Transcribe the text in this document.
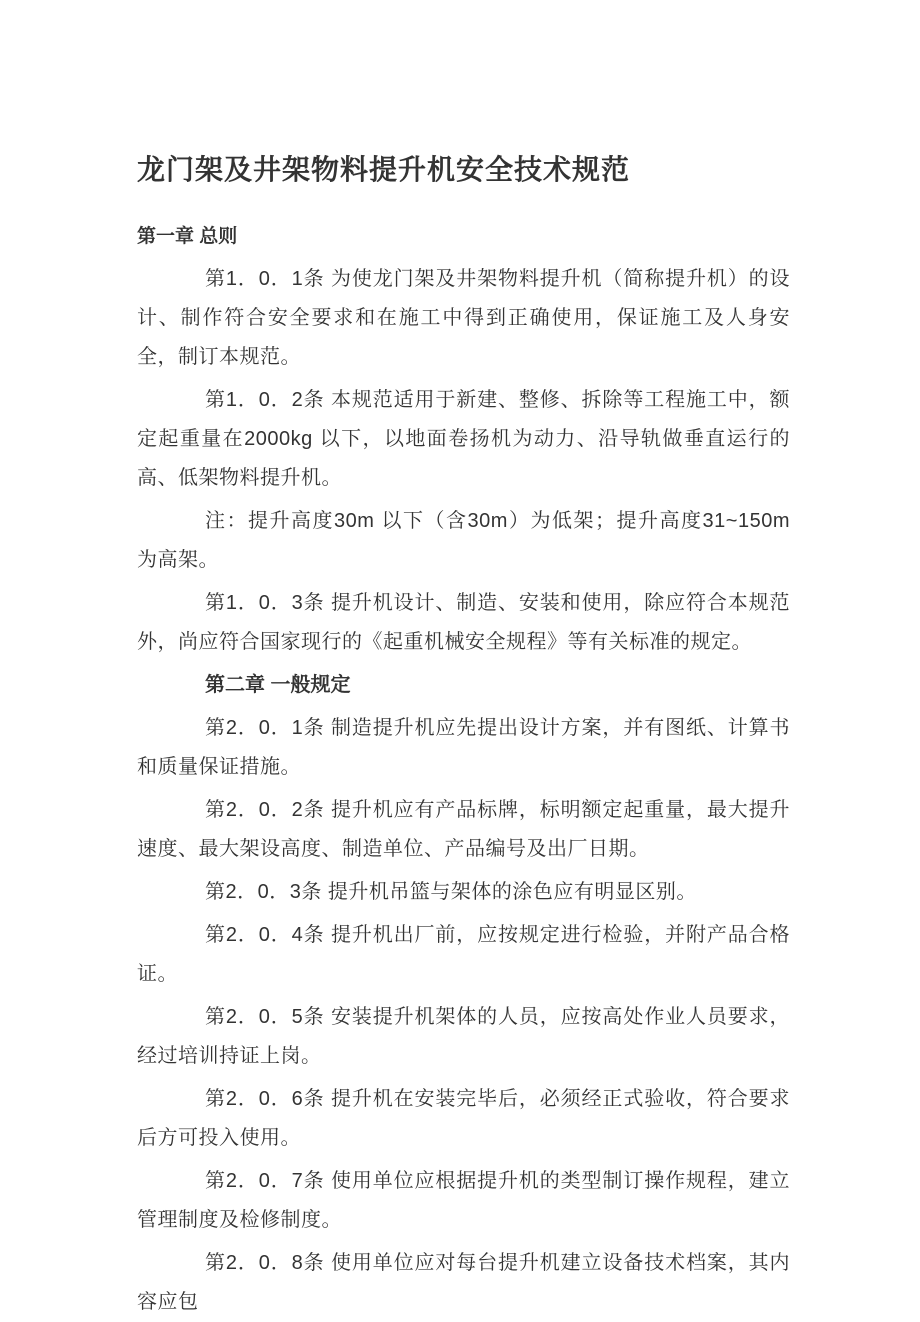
龙门架及井架物料提升机安全技术规范
第一章 总则

第1．0．1条 为使龙门架及井架物料提升机（简称提升机）的设计、制作符合安全要求和在施工中得到正确使用，保证施工及人身安全，制订本规范。

第1．0．2条 本规范适用于新建、整修、拆除等工程施工中，额定起重量在2000kg 以下，以地面卷扬机为动力、沿导轨做垂直运行的高、低架物料提升机。

注：提升高度30m 以下（含30m）为低架；提升高度31~150m 为高架。

第1．0．3条 提升机设计、制造、安装和使用，除应符合本规范外，尚应符合国家现行的《起重机械安全规程》等有关标准的规定。

第二章 一般规定

第2．0．1条 制造提升机应先提出设计方案，并有图纸、计算书和质量保证措施。

第2．0．2条 提升机应有产品标牌，标明额定起重量，最大提升速度、最大架设高度、制造单位、产品编号及出厂日期。

第2．0．3条 提升机吊篮与架体的涂色应有明显区别。

第2．0．4条 提升机出厂前，应按规定进行检验，并附产品合格证。

第2．0．5条 安装提升机架体的人员，应按高处作业人员要求，经过培训持证上岗。

第2．0．6条 提升机在安装完毕后，必须经正式验收，符合要求后方可投入使用。

第2．0．7条 使用单位应根据提升机的类型制订操作规程，建立管理制度及检修制度。

第2．0．8条 使用单位应对每台提升机建立设备技术档案，其内容应包
